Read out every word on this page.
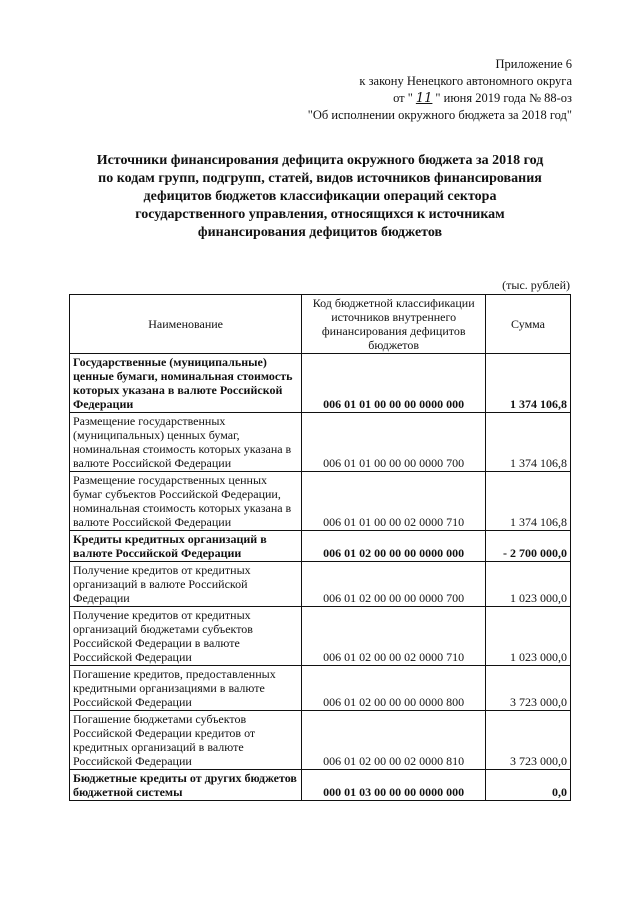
Приложение 6
к закону Ненецкого автономного округа
от " 11 " июня 2019 года № 88-оз
"Об исполнении окружного бюджета за 2018 год"
Источники финансирования дефицита окружного бюджета за 2018 год
по кодам групп, подгрупп, статей, видов источников финансирования
дефицитов бюджетов классификации операций сектора
государственного управления, относящихся к источникам
финансирования дефицитов бюджетов
(тыс. рублей)
Наименование	Код бюджетной классификации источников внутреннего финансирования дефицитов бюджетов	Сумма
Государственные (муниципальные) ценные бумаги, номинальная стоимость которых указана в валюте Российской Федерации	006 01 01 00 00 00 0000 000	1 374 106,8
Размещение государственных (муниципальных) ценных бумаг, номинальная стоимость которых указана в валюте Российской Федерации	006 01 01 00 00 00 0000 700	1 374 106,8
Размещение государственных ценных бумаг субъектов Российской Федерации, номинальная стоимость которых указана в валюте Российской Федерации	006 01 01 00 00 02 0000 710	1 374 106,8
Кредиты кредитных организаций в валюте Российской Федерации	006 01 02 00 00 00 0000 000	- 2 700 000,0
Получение кредитов от кредитных организаций в валюте Российской Федерации	006 01 02 00 00 00 0000 700	1 023 000,0
Получение кредитов от кредитных организаций бюджетами субъектов Российской Федерации в валюте Российской Федерации	006 01 02 00 00 02 0000 710	1 023 000,0
Погашение кредитов, предоставленных кредитными организациями в валюте Российской Федерации	006 01 02 00 00 00 0000 800	3 723 000,0
Погашение бюджетами субъектов Российской Федерации кредитов от кредитных организаций в валюте Российской Федерации	006 01 02 00 00 02 0000 810	3 723 000,0
Бюджетные кредиты от других бюджетов бюджетной системы	000 01 03 00 00 00 0000 000	0,0
